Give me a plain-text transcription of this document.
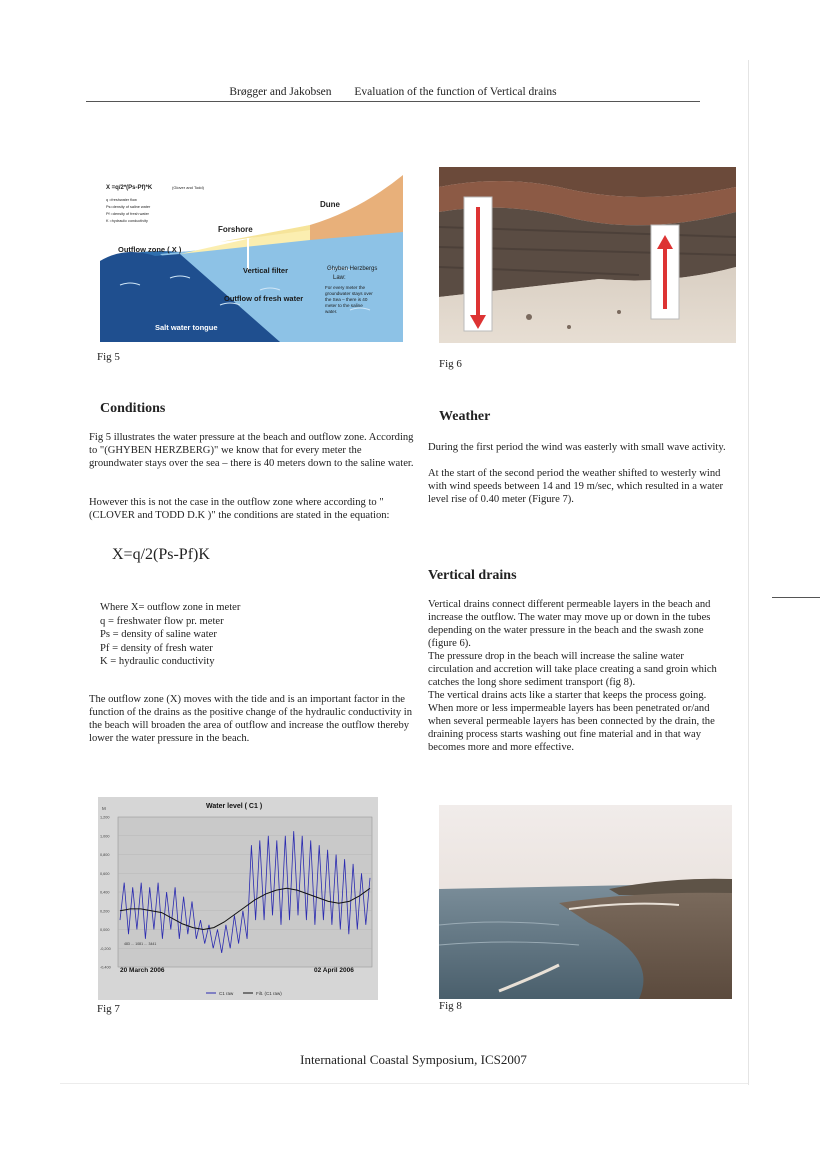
Brøgger and Jakobsen Evaluation of the function of Vertical drains
X =q/2*(Ps-Pf)*K	(Glover and Todd)
q =freshwater flow
Ps=density of saline water
Pf =density of fresh water
K =hydraulic conductivity
Dune
Forshore
Outflow zone ( X )
Vertical filter
Outflow of fresh water
Salt water tongue
Ghyben Herzbergs
Law:
For every meter the
groundwater stays over
the Sea – there is 40
meter to the saline
water.
Fig 5
Fig 6
Conditions

Fig 5 illustrates the water pressure at the beach and outflow zone. According to "(GHYBEN HERZBERG)" we know that for every meter the groundwater stays over the sea – there is 40 meters down to the saline water.

However this is not the case in the outflow zone where according to "(CLOVER and TODD D.K )" the conditions are stated in the equation:

X=q/2(Ps-Pf)K
Where X= outflow zone in meter
q = freshwater flow pr. meter
Ps = density of saline water
Pf = density of fresh water
K = hydraulic conductivity

The outflow zone (X) moves with the tide and is an important factor in the function of the drains as the positive change of the hydraulic conductivity in the beach will broaden the area of outflow and increase the outflow thereby lower the water pressure in the beach.

Weather

During the first period the wind was easterly with small wave activity.

At the start of the second period the weather shifted to westerly wind with wind speeds between 14 and 19 m/sec, which resulted in a water level rise of 0.40 meter (Figure 7).

Vertical drains

Vertical drains connect different permeable layers in the beach and increase the outflow. The water may move up or down in the tubes depending on the water pressure in the beach and the swash zone (figure 6).

The pressure drop in the beach will increase the saline water circulation and accretion will take place creating a sand groin which catches the long shore sediment transport (fig 8).

The vertical drains acts like a starter that keeps the process going. When more or less impermeable layers has been penetrated or/and when several permeable layers has been connected by the drain, the draining process starts washing out fine material and in that way becomes more and more effective.

Water level ( C1 )
M
1,200
1,000
0,800
0,600
0,400
0,200
0,000
-0,200
-0,400
483 … 1081 … 3441
20 March 2006	02 April 2006
C1 raw	Filt. (C1 raw)
Fig 7	Fig 8
International Coastal Symposium, ICS2007
